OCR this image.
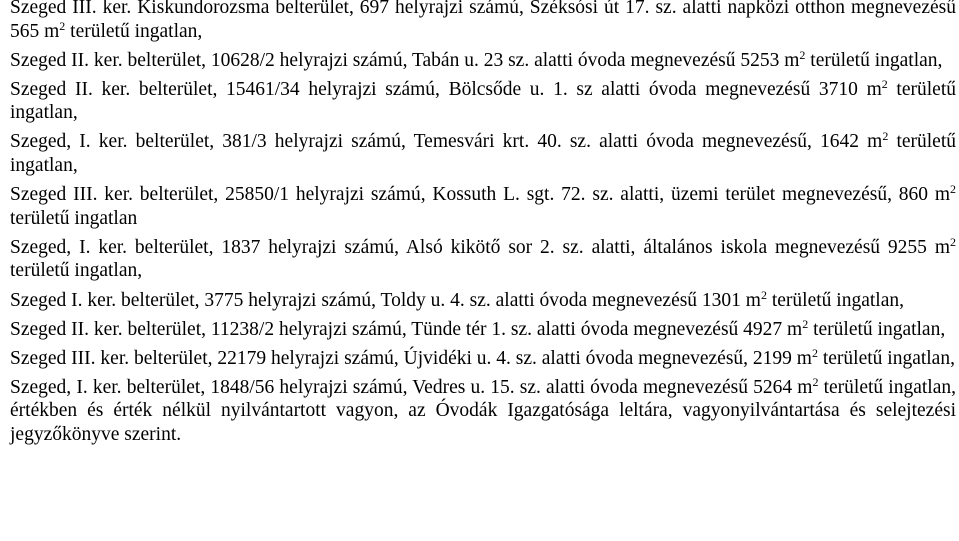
Szeged III. ker. Kiskundorozsma belterület, 697 helyrajzi számú, Széksósi út 17. sz. alatti napközi otthon megnevezésű 565 $m^2$ területű ingatlan,

Szeged II. ker. belterület, 10628/2 helyrajzi számú, Tabán u. 23 sz. alatti óvoda megnevezésű 5253 $m^2$ területű ingatlan,

Szeged II. ker. belterület, 15461/34 helyrajzi számú, Bölcsőde u. 1. sz alatti óvoda megnevezésű 3710 $m^2$ területű ingatlan,

Szeged, I. ker. belterület, 381/3 helyrajzi számú, Temesvári krt. 40. sz. alatti óvoda megnevezésű, 1642 $m^2$ területű ingatlan,

Szeged III. ker. belterület, 25850/1 helyrajzi számú, Kossuth L. sgt. 72. sz. alatti, üzemi terület megnevezésű, 860 $m^2$ területű ingatlan

Szeged, I. ker. belterület, 1837 helyrajzi számú, Alsó kikötő sor 2. sz. alatti, általános iskola megnevezésű 9255 $m^2$ területű ingatlan,

Szeged I. ker. belterület, 3775 helyrajzi számú, Toldy u. 4. sz. alatti óvoda megnevezésű 1301 $m^2$ területű ingatlan,

Szeged II. ker. belterület, 11238/2 helyrajzi számú, Tünde tér 1. sz. alatti óvoda megnevezésű 4927 $m^2$ területű ingatlan,

Szeged III. ker. belterület, 22179 helyrajzi számú, Újvidéki u. 4. sz. alatti óvoda megnevezésű, 2199 $m^2$ területű ingatlan,

Szeged, I. ker. belterület, 1848/56 helyrajzi számú, Vedres u. 15. sz. alatti óvoda megnevezésű 5264 $m^2$ területű ingatlan, értékben és érték nélkül nyilvántartott vagyon, az Óvodák Igazgatósága leltára, vagyonyilvántartása és selejtezési jegyzőkönyve szerint.
